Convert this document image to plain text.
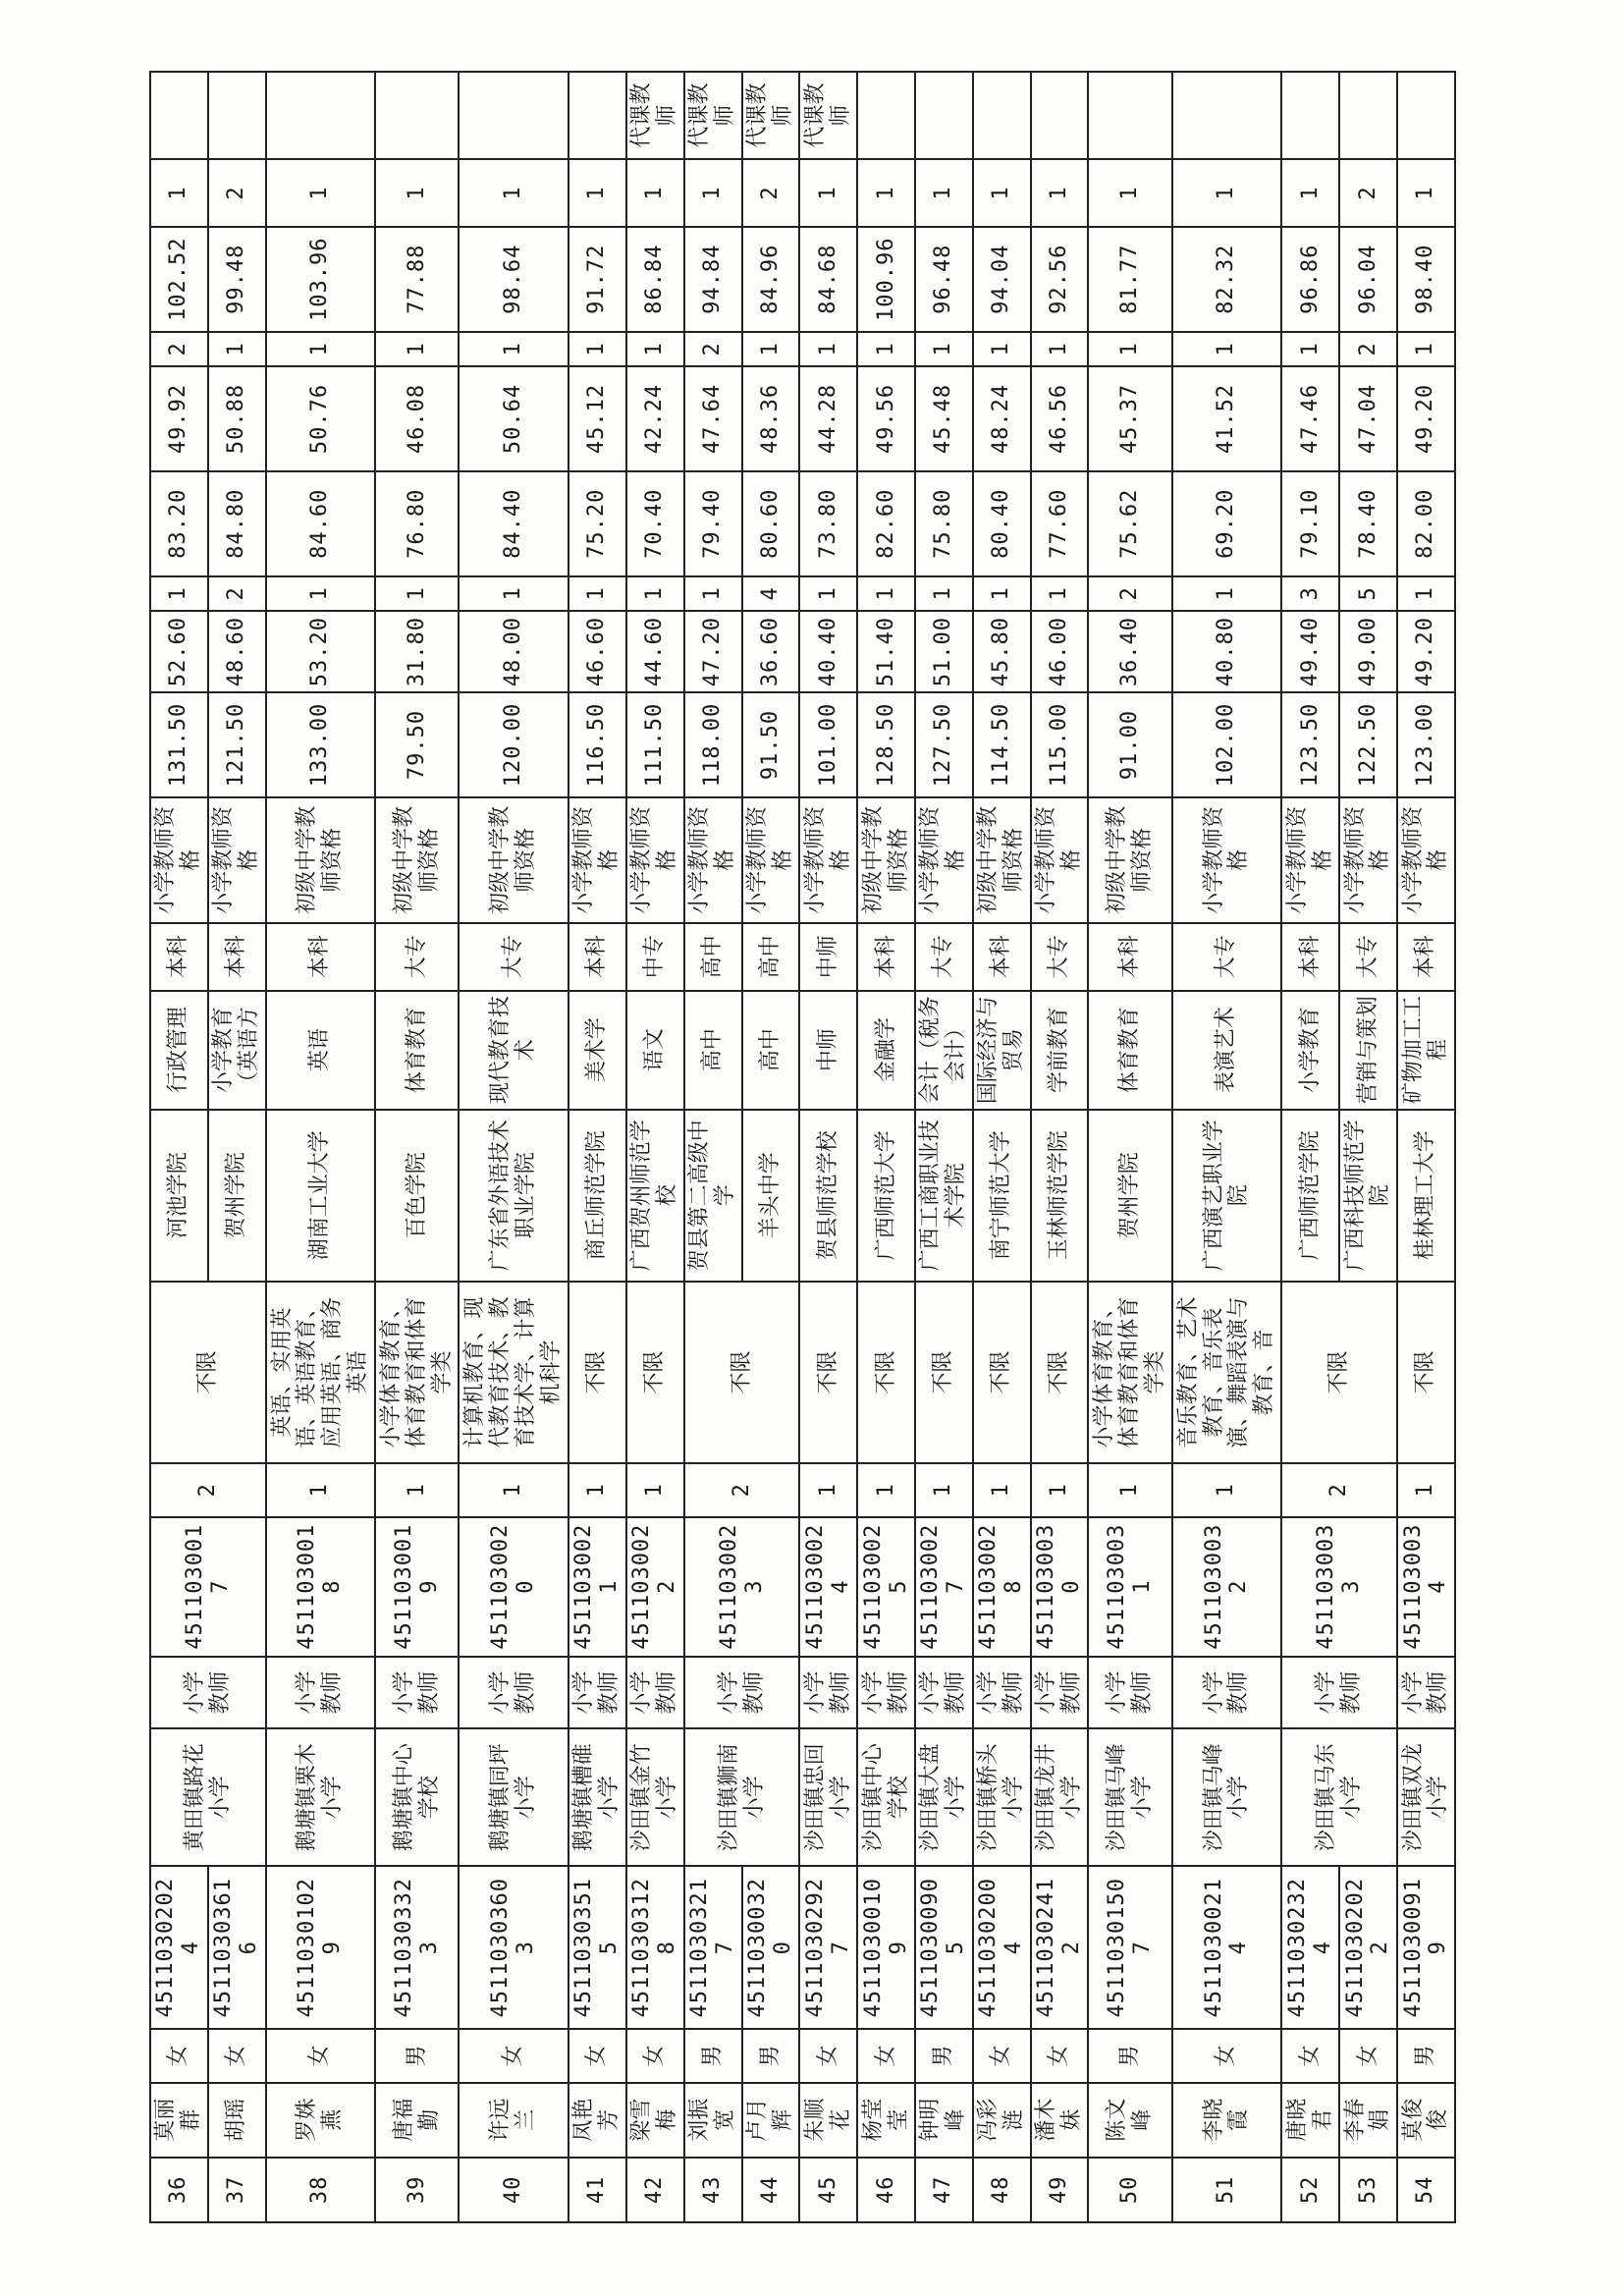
36	莫丽群	女	45110302024	黄田镇路花小学	小学教师	4511030017	2	不限	河池学院	行政管理	本科	小学教师资格	131.50	52.60	1	83.20	49.92	2	102.52	1	
37	胡瑶	女	45110303616						贺州学院	小学教育（英语方	本科	小学教师资格	121.50	48.60	2	84.80	50.88	1	99.48	2	
38	罗姝燕	女	45110301029	鹅塘镇栗木小学	小学教师	4511030018	1	英语、实用英语、英语教育、应用英语、商务英语	湖南工业大学	英语	本科	初级中学教师资格	133.00	53.20	1	84.60	50.76	1	103.96	1	
39	唐福勤	男	45110303323	鹅塘镇中心学校	小学教师	4511030019	1	小学体育教育、体育教育和体育学类	百色学院	体育教育	大专	初级中学教师资格	79.50	31.80	1	76.80	46.08	1	77.88	1	
40	许远兰	女	45110303603	鹅塘镇同坪小学	小学教师	4511030020	1	计算机教育、现代教育技术、教育技术学、计算机科学	广东省外语技术职业学院	现代教育技术	大专	初级中学教师资格	120.00	48.00	1	84.40	50.64	1	98.64	1	
41	凤艳芳	女	45110303515	鹅塘镇槽碓小学	小学教师	4511030021	1	不限	商丘师范学院	美术学	本科	小学教师资格	116.50	46.60	1	75.20	45.12	1	91.72	1	
42	梁雪梅	女	45110303128	沙田镇金竹小学	小学教师	4511030022	1	不限	广西贺州师范学校	语文	中专	小学教师资格	111.50	44.60	1	70.40	42.24	1	86.84	1	代课教师
43	刘振宽	男	45110303217	沙田镇狮南小学	小学教师	4511030023	2	不限	贺县第二高级中学	高中	高中	小学教师资格	118.00	47.20	1	79.40	47.64	2	94.84	1	代课教师
44	卢月辉	男	45110300320						羊头中学	高中	高中	小学教师资格	91.50	36.60	4	80.60	48.36	1	84.96	2	代课教师
45	朱顺花	女	45110302927	沙田镇忠回小学	小学教师	4511030024	1	不限	贺县师范学校	中师	中师	小学教师资格	101.00	40.40	1	73.80	44.28	1	84.68	1	代课教师
46	杨莹莹	女	45110300109	沙田镇中心学校	小学教师	4511030025	1	不限	广西师范大学	金融学	本科	初级中学教师资格	128.50	51.40	1	82.60	49.56	1	100.96	1	
47	钟明峰	男	45110300905	沙田镇大盘小学	小学教师	4511030027	1	不限	广西工商职业技术学院	会计（税务会计）	大专	小学教师资格	127.50	51.00	1	75.80	45.48	1	96.48	1	
48	冯彩涟	女	45110302004	沙田镇桥头小学	小学教师	4511030028	1	不限	南宁师范大学	国际经济与贸易	本科	初级中学教师资格	114.50	45.80	1	80.40	48.24	1	94.04	1	
49	潘木妹	女	45110302412	沙田镇龙井小学	小学教师	4511030030	1	不限	玉林师范学院	学前教育	大专	小学教师资格	115.00	46.00	1	77.60	46.56	1	92.56	1	
50	陈文峰	男	45110301507	沙田镇马峰小学	小学教师	4511030031	1	小学体育教育、体育教育和体育学类	贺州学院	体育教育	本科	初级中学教师资格	91.00	36.40	2	75.62	45.37	1	81.77	1	
51	李晓霞	女	45110300214	沙田镇马峰小学	小学教师	4511030032	1	音乐教育、艺术教育、音乐表演、舞蹈表演与教育、音	广西演艺职业学院	表演艺术	大专	小学教师资格	102.00	40.80	1	69.20	41.52	1	82.32	1	
52	唐晓君	女	45110302324	沙田镇马东小学	小学教师	4511030033	2	不限	广西师范学院	小学教育	本科	小学教师资格	123.50	49.40	3	79.10	47.46	1	96.86	1	
53	李春娟	女	45110302022						广西科技师范学院	营销与策划	大专	小学教师资格	122.50	49.00	5	78.40	47.04	2	96.04	2	
54	莫俊俊	男	45110300919	沙田镇双龙小学	小学教师	4511030034	1	不限	桂林理工大学	矿物加工工程	本科	小学教师资格	123.00	49.20	1	82.00	49.20	1	98.40	1	
